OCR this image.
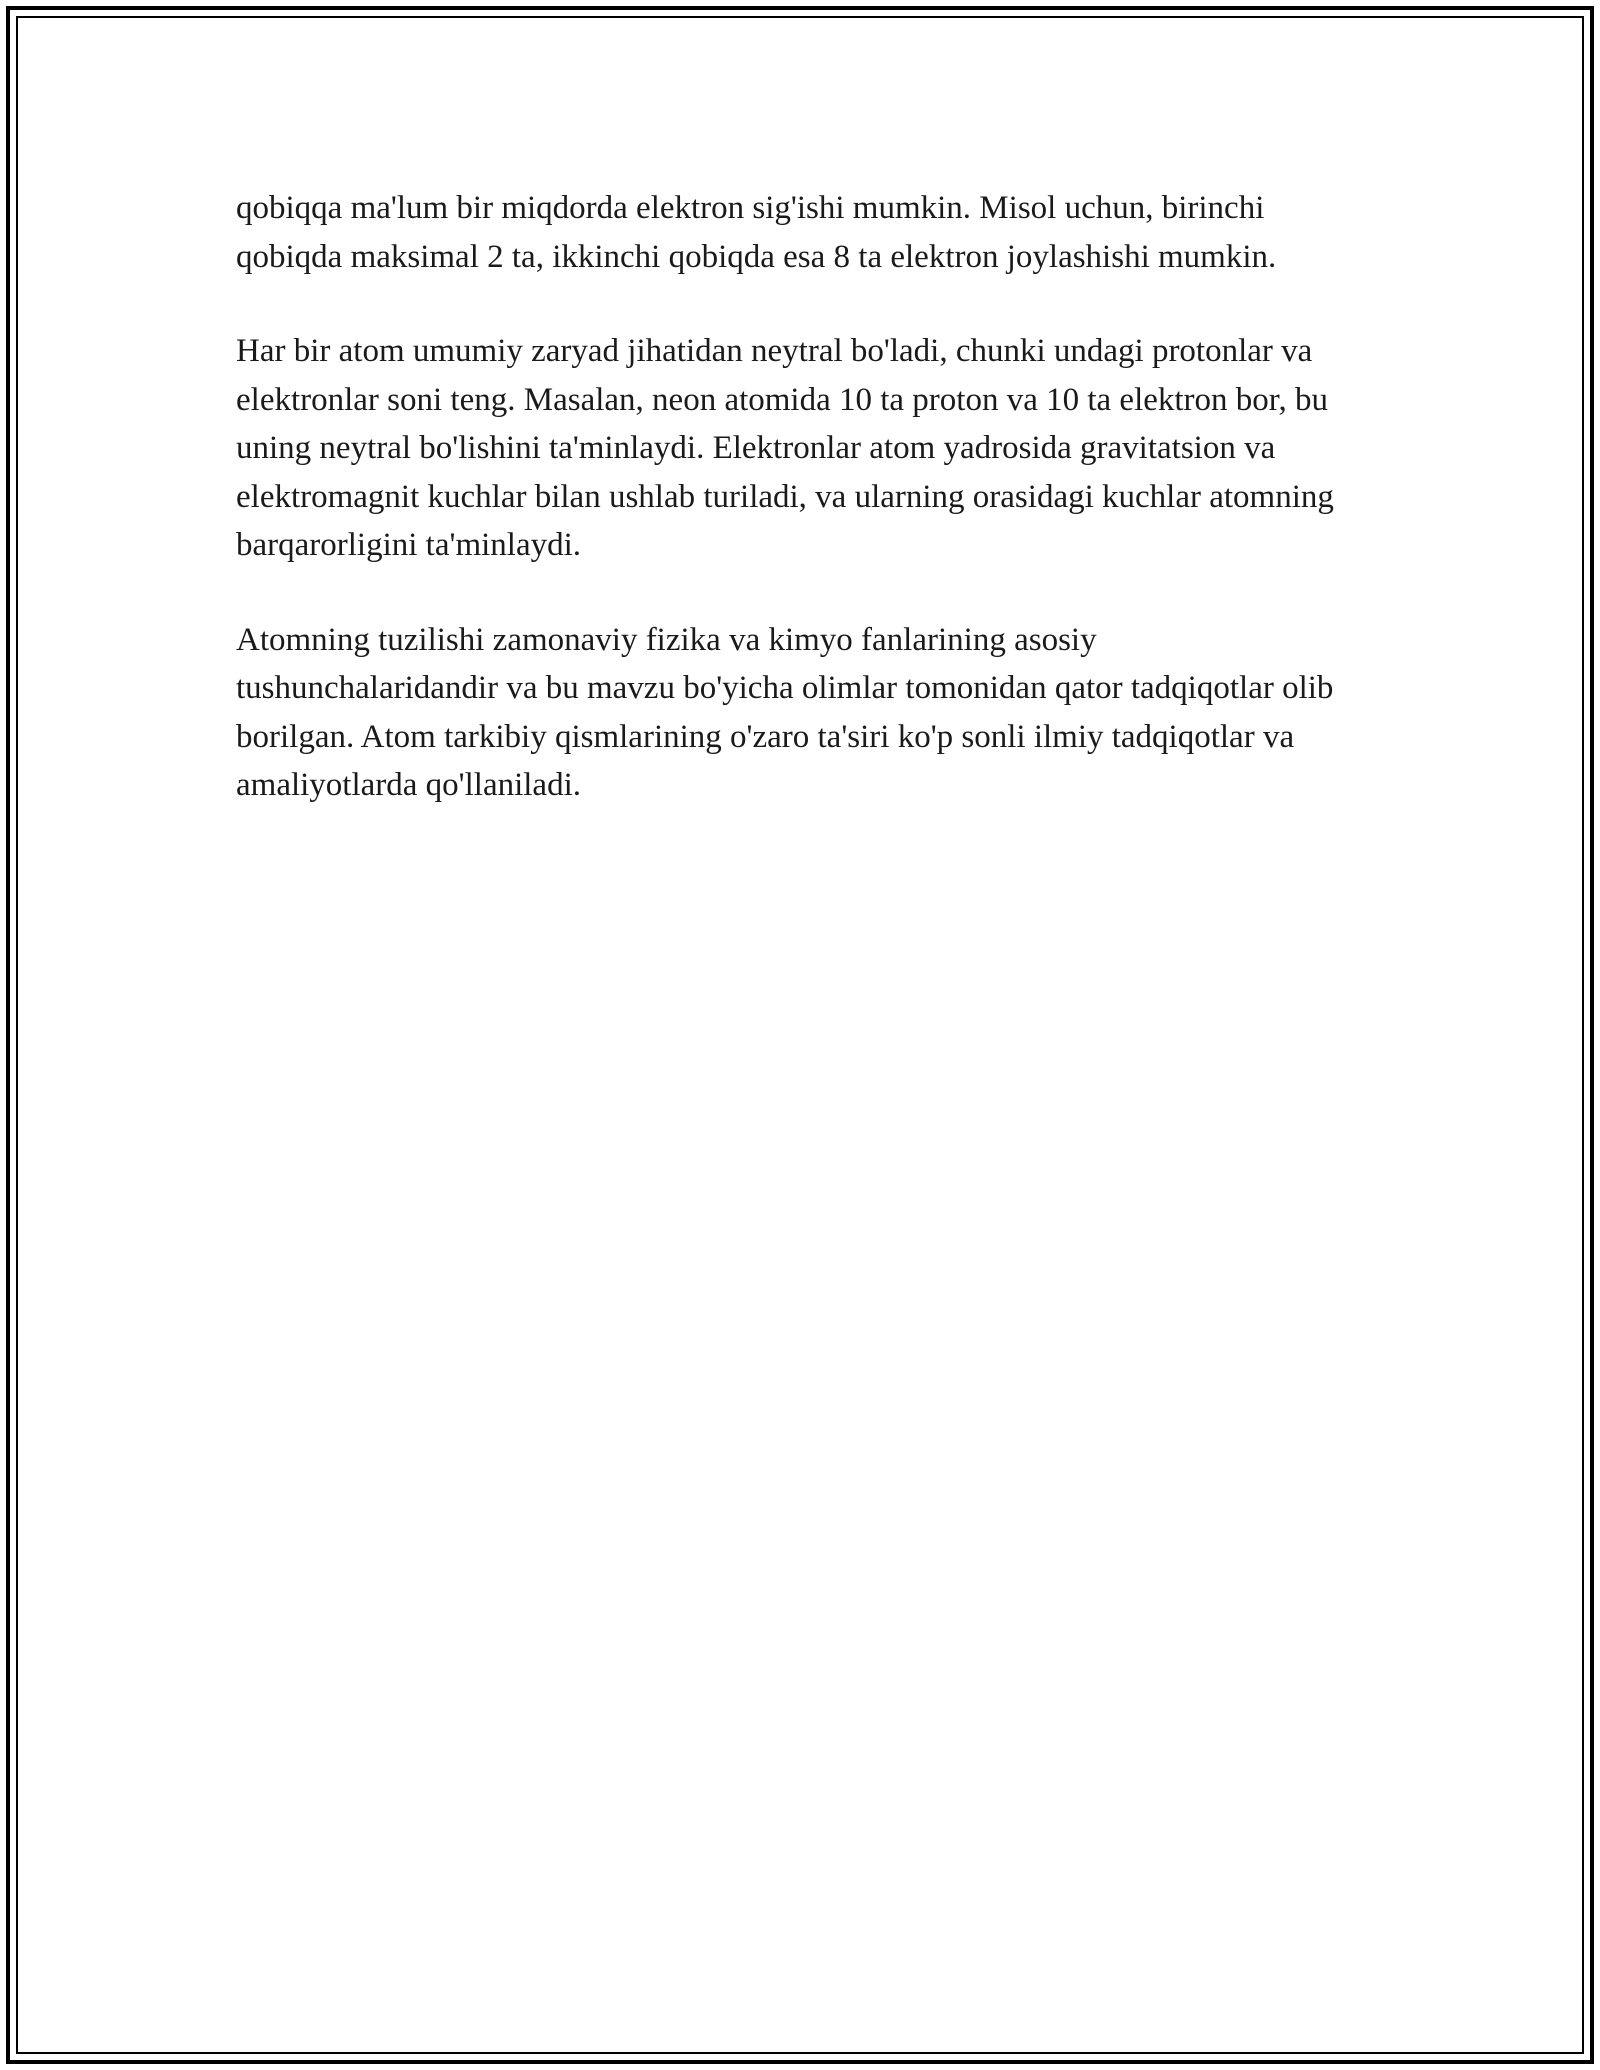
qobiqqa ma'lum bir miqdorda elektron sig'ishi mumkin. Misol uchun, birinchi qobiqda maksimal 2 ta, ikkinchi qobiqda esa 8 ta elektron joylashishi mumkin.

Har bir atom umumiy zaryad jihatidan neytral bo'ladi, chunki undagi protonlar va elektronlar soni teng. Masalan, neon atomida 10 ta proton va 10 ta elektron bor, bu uning neytral bo'lishini ta'minlaydi. Elektronlar atom yadrosida gravitatsion va elektromagnit kuchlar bilan ushlab turiladi, va ularning orasidagi kuchlar atomning barqarorligini ta'minlaydi.

Atomning tuzilishi zamonaviy fizika va kimyo fanlarining asosiy tushunchalaridandir va bu mavzu bo'yicha olimlar tomonidan qator tadqiqotlar olib borilgan. Atom tarkibiy qismlarining o'zaro ta'siri ko'p sonli ilmiy tadqiqotlar va amaliyotlarda qo'llaniladi.
